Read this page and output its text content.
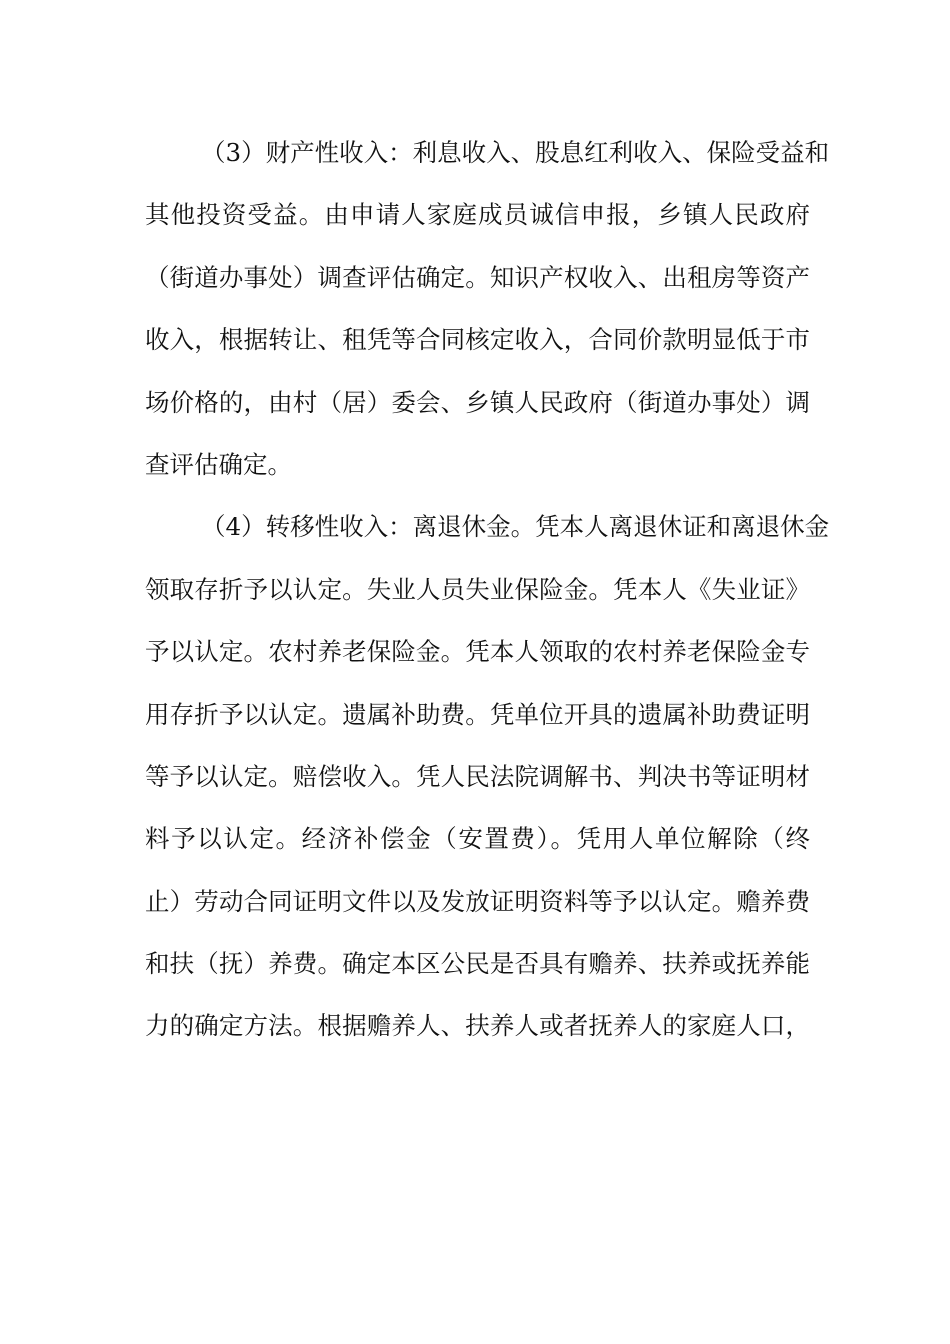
（3）财产性收入：利息收入、股息红利收入、保险受益和
其他投资受益。由申请人家庭成员诚信申报，乡镇人民政府
（街道办事处）调查评估确定。知识产权收入、出租房等资产
收入，根据转让、租凭等合同核定收入，合同价款明显低于市
场价格的，由村（居）委会、乡镇人民政府（街道办事处）调
查评估确定。
（4）转移性收入：离退休金。凭本人离退休证和离退休金
领取存折予以认定。失业人员失业保险金。凭本人《失业证》
予以认定。农村养老保险金。凭本人领取的农村养老保险金专
用存折予以认定。遗属补助费。凭单位开具的遗属补助费证明
等予以认定。赔偿收入。凭人民法院调解书、判决书等证明材
料予以认定。经济补偿金（安置费）。凭用人单位解除（终
止）劳动合同证明文件以及发放证明资料等予以认定。赡养费
和扶（抚）养费。确定本区公民是否具有赡养、扶养或抚养能
力的确定方法。根据赡养人、扶养人或者抚养人的家庭人口，
